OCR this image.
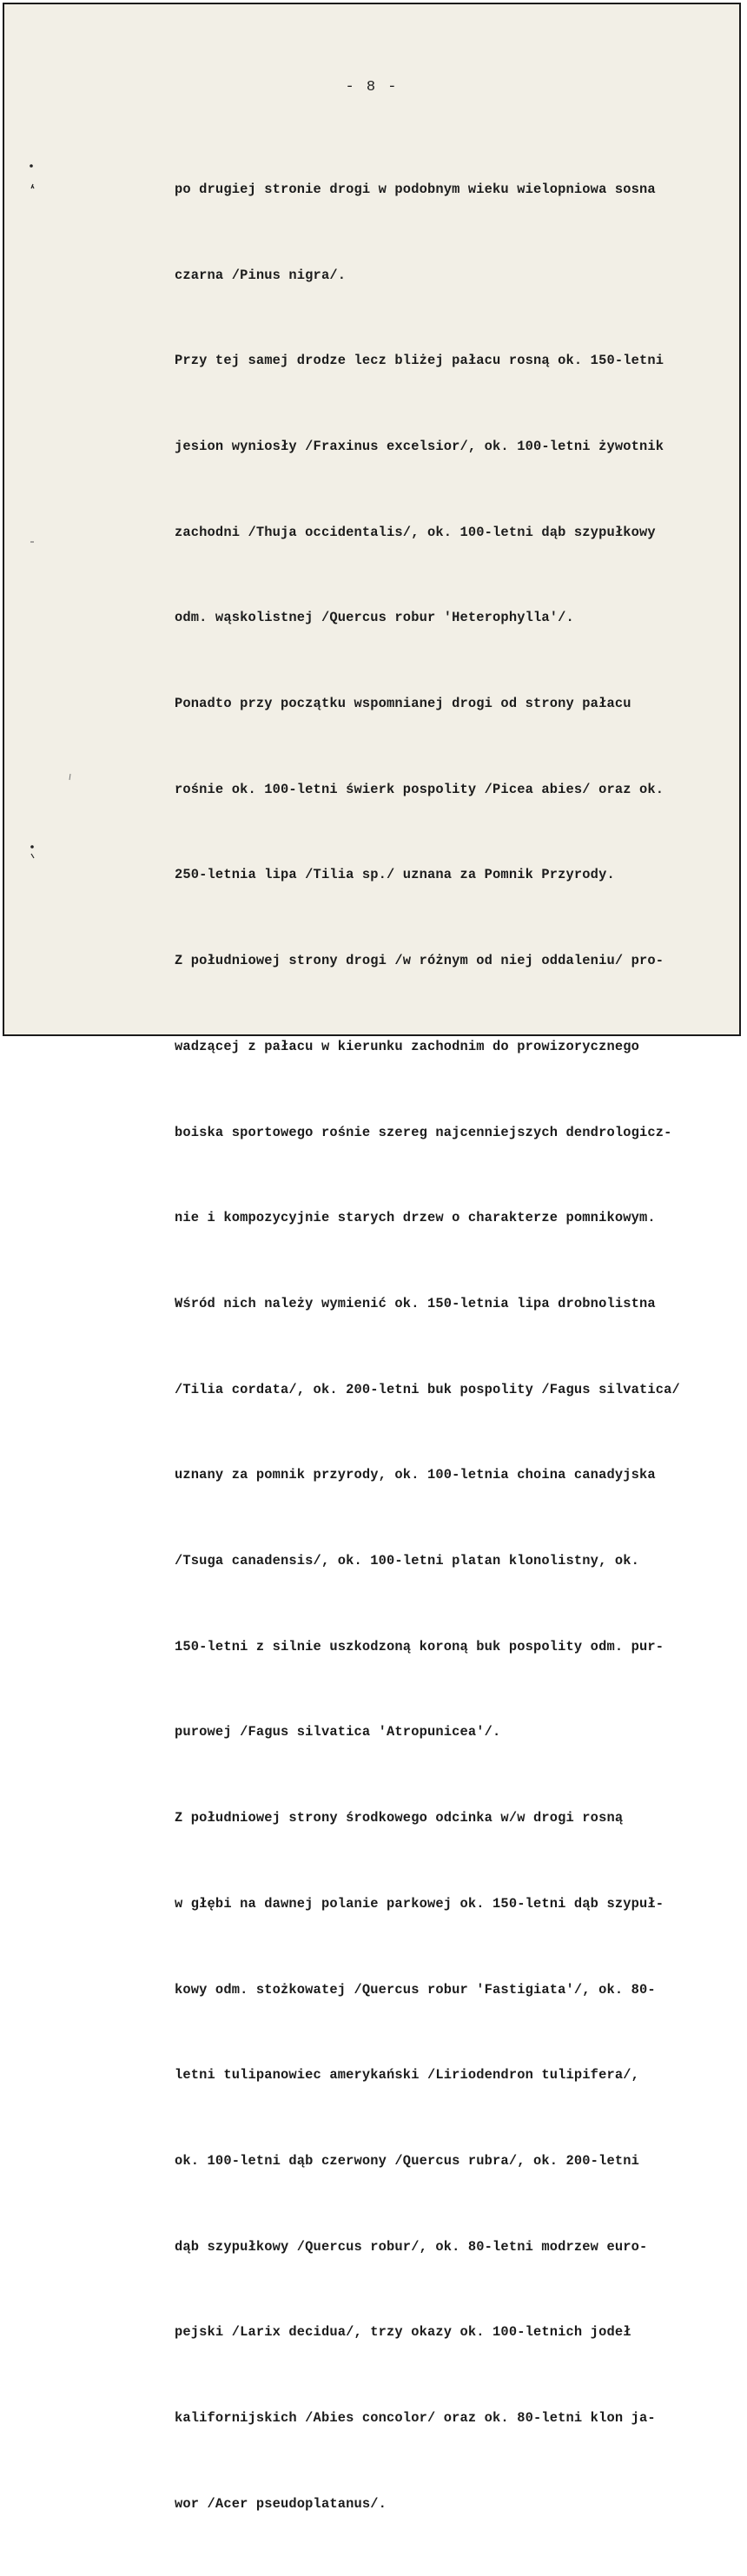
- 8 -

po drugiej stronie drogi w podobnym wieku wielopniowa sosna

czarna /Pinus nigra/.

Przy tej samej drodze lecz bliżej pałacu rosną ok. 150-letni

jesion wyniosły /Fraxinus excelsior/, ok. 100-letni żywotnik

zachodni /Thuja occidentalis/, ok. 100-letni dąb szypułkowy

odm. wąskolistnej /Quercus robur 'Heterophylla'/.

Ponadto przy początku wspomnianej drogi od strony pałacu

rośnie ok. 100-letni świerk pospolity /Picea abies/ oraz ok.

250-letnia lipa /Tilia sp./ uznana za Pomnik Przyrody.

Z południowej strony drogi /w różnym od niej oddaleniu/ pro-

wadzącej z pałacu w kierunku zachodnim do prowizorycznego

boiska sportowego rośnie szereg najcenniejszych dendrologicz-

nie i kompozycyjnie starych drzew o charakterze pomnikowym.

Wśród nich należy wymienić ok. 150-letnia lipa drobnolistna

/Tilia cordata/, ok. 200-letni buk pospolity /Fagus silvatica/

uznany za pomnik przyrody, ok. 100-letnia choina canadyjska

/Tsuga canadensis/, ok. 100-letni platan klonolistny, ok.

150-letni z silnie uszkodzoną koroną buk pospolity odm. pur-

purowej /Fagus silvatica 'Atropunicea'/.

Z południowej strony środkowego odcinka w/w drogi rosną

w głębi na dawnej polanie parkowej ok. 150-letni dąb szypuł-

kowy odm. stożkowatej /Quercus robur 'Fastigiata'/, ok. 80-

letni tulipanowiec amerykański /Liriodendron tulipifera/,

ok. 100-letni dąb czerwony /Quercus rubra/, ok. 200-letni

dąb szypułkowy /Quercus robur/, ok. 80-letni modrzew euro-

pejski /Larix decidua/, trzy okazy ok. 100-letnich jodeł

kalifornijskich /Abies concolor/ oraz ok. 80-letni klon ja-

wor /Acer pseudoplatanus/.
